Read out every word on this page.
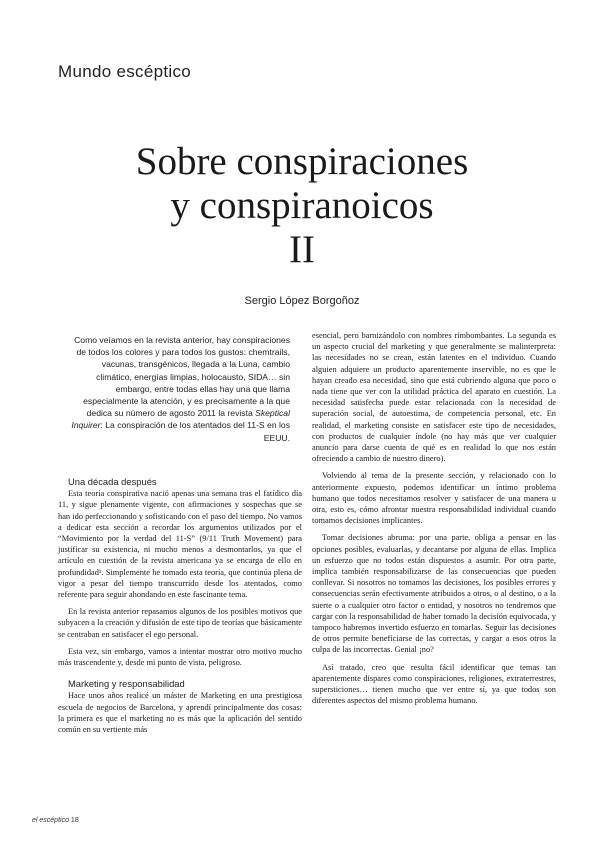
Mundo escéptico
Sobre conspiraciones
y conspiranoicos
II
Sergio López Borgoñoz
Como veíamos en la revista anterior, hay conspiraciones de todos los colores y para todos los gustos: chemtrails, vacunas, transgénicos, llegada a la Luna, cambio climático, energías limpias, holocausto, SIDA… sin embargo, entre todas ellas hay una que llama especialmente la atención, y es precisamente a la que dedica su número de agosto 2011 la revista Skeptical Inquirer: La conspiración de los atentados del 11-S en los EEUU.
Una década después

Esta teoría conspirativa nació apenas una semana tras el fatídico día 11, y sigue plenamente vigente, con afirmaciones y sospechas que se han ido perfeccionando y sofisticando con el paso del tiempo. No vamos a dedicar esta sección a recordar los argumentos utilizados por el “Movimiento por la verdad del 11-S” (9/11 Truth Movement) para justificar su existencia, ni mucho menos a desmontarlos, ya que el artículo en cuestión de la revista americana ya se encarga de ello en profundidad¹. Simplemente he tomado esta teoría, que continúa plena de vigor a pesar del tiempo transcurrido desde los atentados, como referente para seguir ahondando en este fascinante tema.

En la revista anterior repasamos algunos de los posibles motivos que subyacen a la creación y difusión de este tipo de teorías que básicamente se centraban en satisfacer el ego personal.

Esta vez, sin embargo, vamos a intentar mostrar otro motivo mucho más trascendente y, desde mi punto de vista, peligroso.

Marketing y responsabilidad

Hace unos años realicé un máster de Marketing en una prestigiosa escuela de negocios de Barcelona, y aprendí principalmente dos cosas: la primera es que el marketing no es más que la aplicación del sentido común en su vertiente más

esencial, pero barnizándolo con nombres rimbombantes. La segunda es un aspecto crucial del marketing y que generalmente se malinterpreta: las necesidades no se crean, están latentes en el individuo. Cuando alguien adquiere un producto aparentemente inservible, no es que le hayan creado esa necesidad, sino que está cubriendo alguna que poco o nada tiene que ver con la utilidad práctica del aparato en cuestión. La necesidad satisfecha puede estar relacionada con la necesidad de superación social, de autoestima, de competencia personal, etc. En realidad, el marketing consiste en satisfacer este tipo de necesidades, con productos de cualquier índole (no hay más que ver cualquier anuncio para darse cuenta de qué es en realidad lo que nos están ofreciendo a cambio de nuestro dinero).

Volviendo al tema de la presente sección, y relacionado con lo anteriormente expuesto, podemos identificar un íntimo problema humano que todos necesitamos resolver y satisfacer de una manera u otra, esto es, cómo afrontar nuestra responsabilidad individual cuando tomamos decisiones implicantes.

Tomar decisiones abruma: por una parte, obliga a pensar en las opciones posibles, evaluarlas, y decantarse por alguna de ellas. Implica un esfuerzo que no todos están dispuestos a asumir. Por otra parte, implica también responsabilizarse de las consecuencias que pueden conllevar. Si nosotros no tomamos las decisiones, los posibles errores y consecuencias serán efectivamente atribuidos a otros, o al destino, o a la suerte o a cualquier otro factor o entidad, y nosotros no tendremos que cargar con la responsabilidad de haber tomado la decisión equivocada, y tampoco habremos invertido esfuerzo en tomarlas. Seguir las decisiones de otros permite beneficiarse de las correctas, y cargar a esos otros la culpa de las incorrectas. Genial ¡no?

Así tratado, creo que resulta fácil identificar que temas tan aparentemente dispares como conspiraciones, religiones, extraterrestres, supersticiones… tienen mucho que ver entre sí, ya que todos son diferentes aspectos del mismo problema humano.

el escéptico 18
